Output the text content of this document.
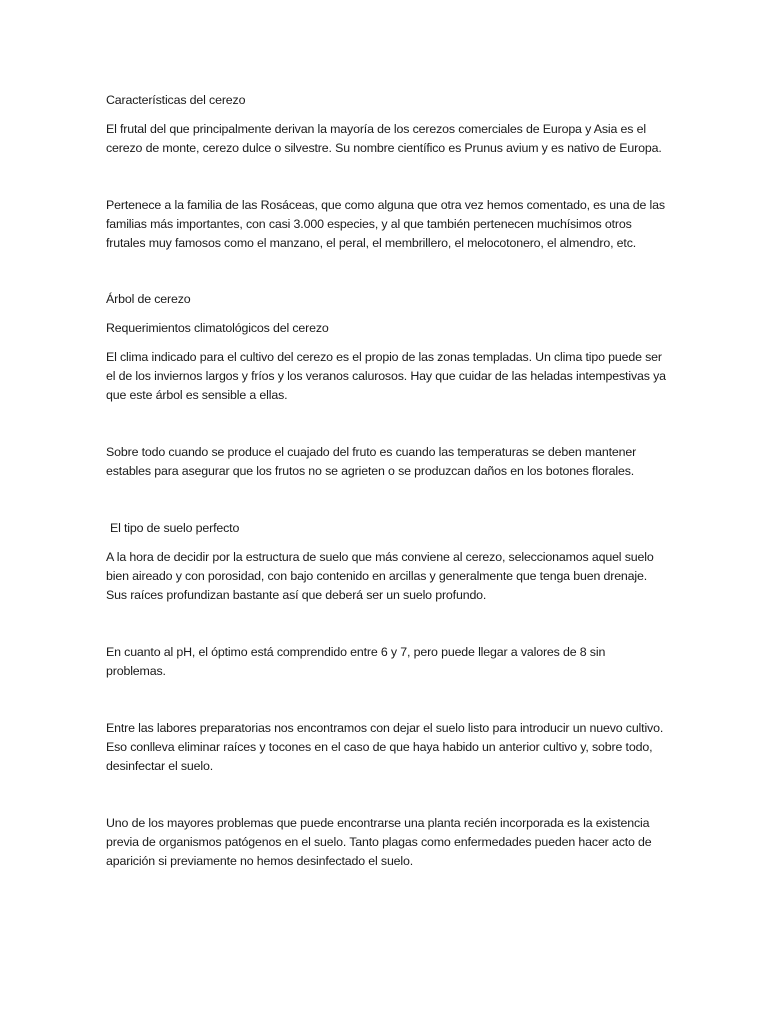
Características del cerezo

El frutal del que principalmente derivan la mayoría de los cerezos comerciales de Europa y Asia es el cerezo de monte, cerezo dulce o silvestre. Su nombre científico es Prunus avium y es nativo de Europa.

Pertenece a la familia de las Rosáceas, que como alguna que otra vez hemos comentado, es una de las familias más importantes, con casi 3.000 especies, y al que también pertenecen muchísimos otros frutales muy famosos como el manzano, el peral, el membrillero, el melocotonero, el almendro, etc.

Árbol de cerezo

Requerimientos climatológicos del cerezo

El clima indicado para el cultivo del cerezo es el propio de las zonas templadas. Un clima tipo puede ser el de los inviernos largos y fríos y los veranos calurosos. Hay que cuidar de las heladas intempestivas ya que este árbol es sensible a ellas.

Sobre todo cuando se produce el cuajado del fruto es cuando las temperaturas se deben mantener estables para asegurar que los frutos no se agrieten o se produzcan daños en los botones florales.

El tipo de suelo perfecto

A la hora de decidir por la estructura de suelo que más conviene al cerezo, seleccionamos aquel suelo bien aireado y con porosidad, con bajo contenido en arcillas y generalmente que tenga buen drenaje. Sus raíces profundizan bastante así que deberá ser un suelo profundo.

En cuanto al pH, el óptimo está comprendido entre 6 y 7, pero puede llegar a valores de 8 sin problemas.

Entre las labores preparatorias nos encontramos con dejar el suelo listo para introducir un nuevo cultivo. Eso conlleva eliminar raíces y tocones en el caso de que haya habido un anterior cultivo y, sobre todo, desinfectar el suelo.

Uno de los mayores problemas que puede encontrarse una planta recién incorporada es la existencia previa de organismos patógenos en el suelo. Tanto plagas como enfermedades pueden hacer acto de aparición si previamente no hemos desinfectado el suelo.
